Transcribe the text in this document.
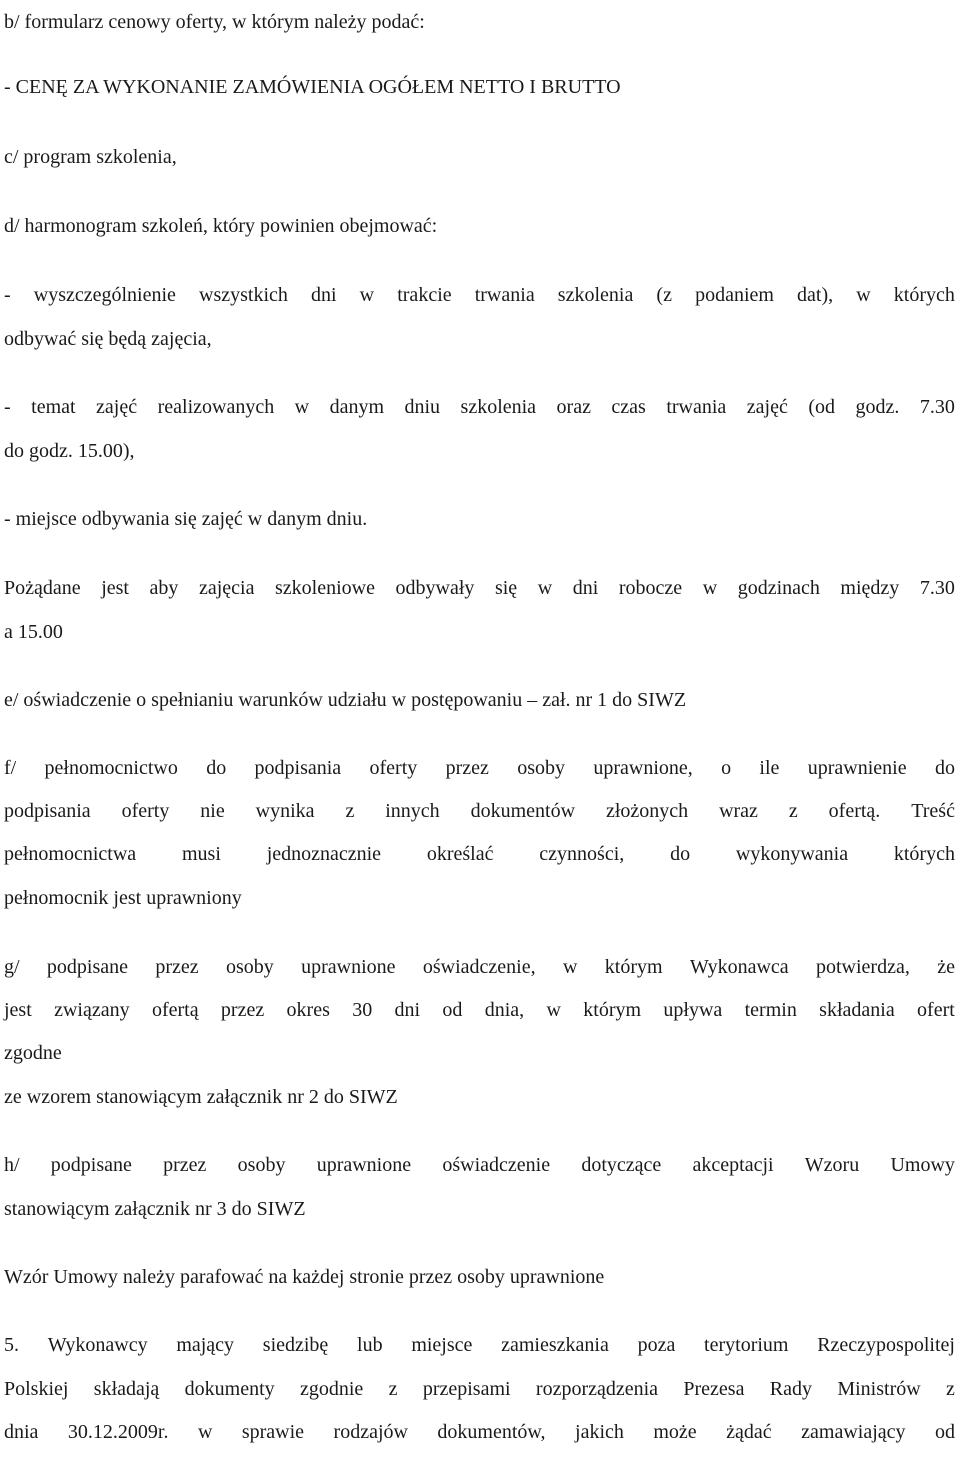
b/ formularz cenowy oferty, w którym należy podać:
- CENĘ ZA WYKONANIE ZAMÓWIENIA OGÓŁEM NETTO I BRUTTO
c/ program szkolenia,
d/ harmonogram szkoleń, który powinien obejmować:
- wyszczególnienie wszystkich dni w trakcie trwania szkolenia (z podaniem dat), w których
odbywać się będą zajęcia,
- temat zajęć realizowanych w danym dniu szkolenia oraz czas trwania zajęć (od godz. 7.30
do godz. 15.00),
- miejsce odbywania się zajęć w danym dniu.
Pożądane jest aby zajęcia szkoleniowe odbywały się w dni robocze w godzinach między 7.30
a 15.00
e/ oświadczenie o spełnianiu warunków udziału w postępowaniu – zał. nr 1 do SIWZ
f/ pełnomocnictwo do podpisania oferty przez osoby uprawnione, o ile uprawnienie do
podpisania oferty nie wynika z innych dokumentów złożonych wraz z ofertą. Treść
pełnomocnictwa musi jednoznacznie określać czynności, do wykonywania których
pełnomocnik jest uprawniony
g/ podpisane przez osoby uprawnione oświadczenie, w którym Wykonawca potwierdza, że
jest związany ofertą przez okres 30 dni od dnia, w którym upływa termin składania ofert
zgodne
ze wzorem stanowiącym załącznik nr 2 do SIWZ
h/ podpisane przez osoby uprawnione oświadczenie dotyczące akceptacji Wzoru Umowy
stanowiącym załącznik nr 3 do SIWZ
Wzór Umowy należy parafować na każdej stronie przez osoby uprawnione
5. Wykonawcy mający siedzibę lub miejsce zamieszkania poza terytorium Rzeczypospolitej
Polskiej składają dokumenty zgodnie z przepisami rozporządzenia Prezesa Rady Ministrów z
dnia 30.12.2009r. w sprawie rodzajów dokumentów, jakich może żądać zamawiający od
